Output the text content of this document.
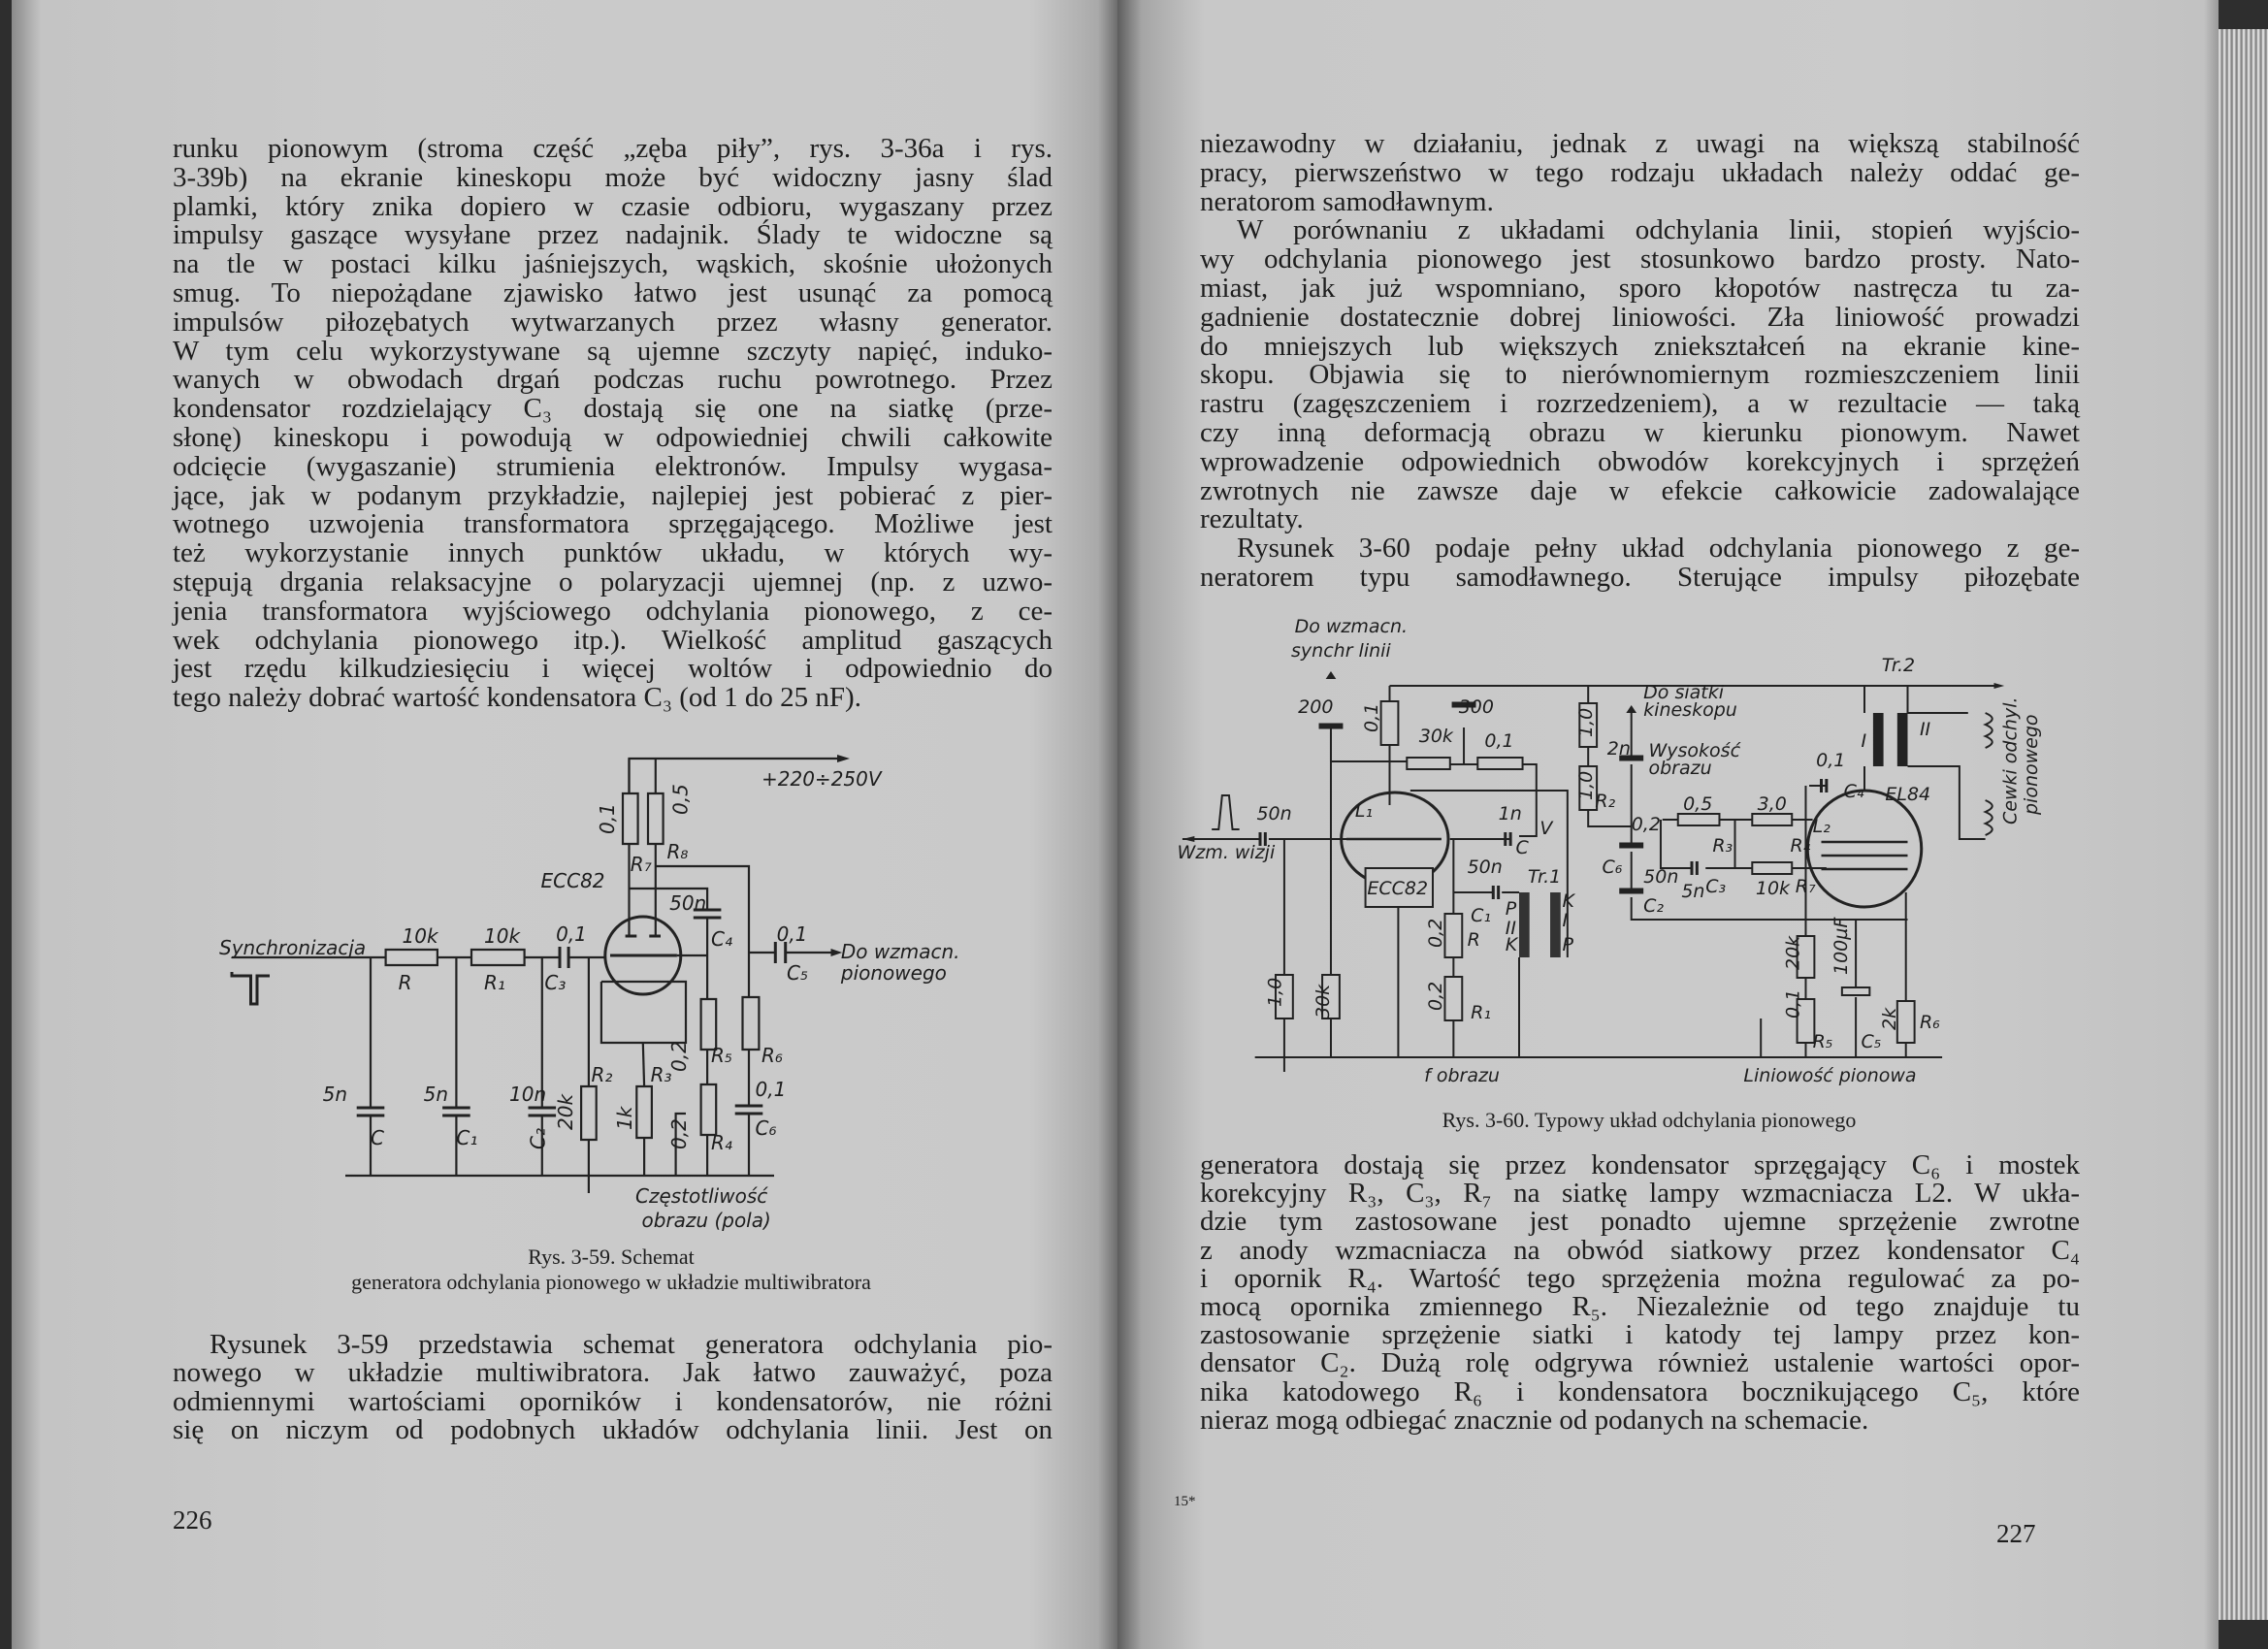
runku pionowym (stroma część „zęba piły”, rys. 3-36a i rys.
3-39b) na ekranie kineskopu może być widoczny jasny ślad
plamki, który znika dopiero w czasie odbioru, wygaszany przez
impulsy gaszące wysyłane przez nadajnik. Ślady te widoczne są
na tle w postaci kilku jaśniejszych, wąskich, skośnie ułożonych
smug. To niepożądane zjawisko łatwo jest usunąć za pomocą
impulsów piłozębatych wytwarzanych przez własny generator.
W tym celu wykorzystywane są ujemne szczyty napięć, induko-
wanych w obwodach drgań podczas ruchu powrotnego. Przez
kondensator rozdzielający C₃ dostają się one na siatkę (prze-
słonę) kineskopu i powodują w odpowiedniej chwili całkowite
odcięcie (wygaszanie) strumienia elektronów. Impulsy wygasa-
jące, jak w podanym przykładzie, najlepiej jest pobierać z pier-
wotnego uzwojenia transformatora sprzęgającego. Możliwe jest
też wykorzystanie innych punktów układu, w których wy-
stępują drgania relaksacyjne o polaryzacji ujemnej (np. z uzwo-
jenia transformatora wyjściowego odchylania pionowego, z ce-
wek odchylania pionowego itp.). Wielkość amplitud gaszących
jest rzędu kilkudziesięciu i więcej woltów i odpowiednio do
tego należy dobrać wartość kondensatora C₃ (od 1 do 25 nF).
Rysunek 3-59 przedstawia schemat generatora odchylania pio-
nowego w układzie multiwibratora. Jak łatwo zauważyć, poza
odmiennymi wartościami oporników i kondensatorów, nie różni
się on niczym od podobnych układów odchylania linii. Jest on
niezawodny w działaniu, jednak z uwagi na większą stabilność
pracy, pierwszeństwo w tego rodzaju układach należy oddać ge-
neratorom samodławnym.
W porównaniu z układami odchylania linii, stopień wyjścio-
wy odchylania pionowego jest stosunkowo bardzo prosty. Nato-
miast, jak już wspomniano, sporo kłopotów nastręcza tu za-
gadnienie dostatecznie dobrej liniowości. Zła liniowość prowadzi
do mniejszych lub większych zniekształceń na ekranie kine-
skopu. Objawia się to nierównomiernym rozmieszczeniem linii
rastru (zagęszczeniem i rozrzedzeniem), a w rezultacie — taką
czy inną deformacją obrazu w kierunku pionowym. Nawet
wprowadzenie odpowiednich obwodów korekcyjnych i sprzężeń
zwrotnych nie zawsze daje w efekcie całkowicie zadowalające
rezultaty.
Rysunek 3-60 podaje pełny układ odchylania pionowego z ge-
neratorem typu samodławnego. Sterujące impulsy piłozębate
generatora dostają się przez kondensator sprzęgający C₆ i mostek
korekcyjny R₃, C₃, R₇ na siatkę lampy wzmacniacza L2. W ukła-
dzie tym zastosowane jest ponadto ujemne sprzężenie zwrotne
z anody wzmacniacza na obwód siatkowy przez kondensator C₄
i opornik R₄. Wartość tego sprzężenia można regulować za po-
mocą opornika zmiennego R₅. Niezależnie od tego znajduje tu
zastosowanie sprzężenie siatki i katody tej lampy przez kon-
densator C₂. Dużą rolę odgrywa również ustalenie wartości opor-
nika katodowego R₆ i kondensatora bocznikującego C₅, które
nieraz mogą odbiegać znacznie od podanych na schemacie.
+220÷250V
0,1
0,5
R₈
R₇
ECC82
50n
C₄
Synchronizacja 10k
R
10k
R₁
0,1
C₃
0,1
C₅
Do wzmacn.
pionowego
5n
C
5n
C₁
10n
C₂
20k
R₂ R₃
1k
0,2 R₅ R₆
0,2 R₄
0,1
C₆
Częstotliwość
obrazu (pola)
Do wzmacn.
synchr linii
Tr.2
200 0,1	300
0,1
30k	1,0
2n
Do siatki
kineskopu
Wysokość
obrazu
1,0
R₂
I
II
0,1
C₄ EL84	Cewki odchyl. pionowego
L₁
50n	1n
C
V
Wzm. wizji
ECC82
0,2
0,5 3,0
R₃	R₄
L₂
C₆ 50n
C₂
5n C₃ 10k R₇
50n Tr.1
C₁ P
II
K
K
I
P
0,2 R
0,2
R₁
1,0 30k
20k 100µF
0,1
R₅ C₅
2k R₆
f obrazu	Liniowość pionowa
Rys. 3-59. Schemat
generatora odchylania pionowego w układzie multiwibratora
Rys. 3-60. Typowy układ odchylania pionowego
226
15*
227
